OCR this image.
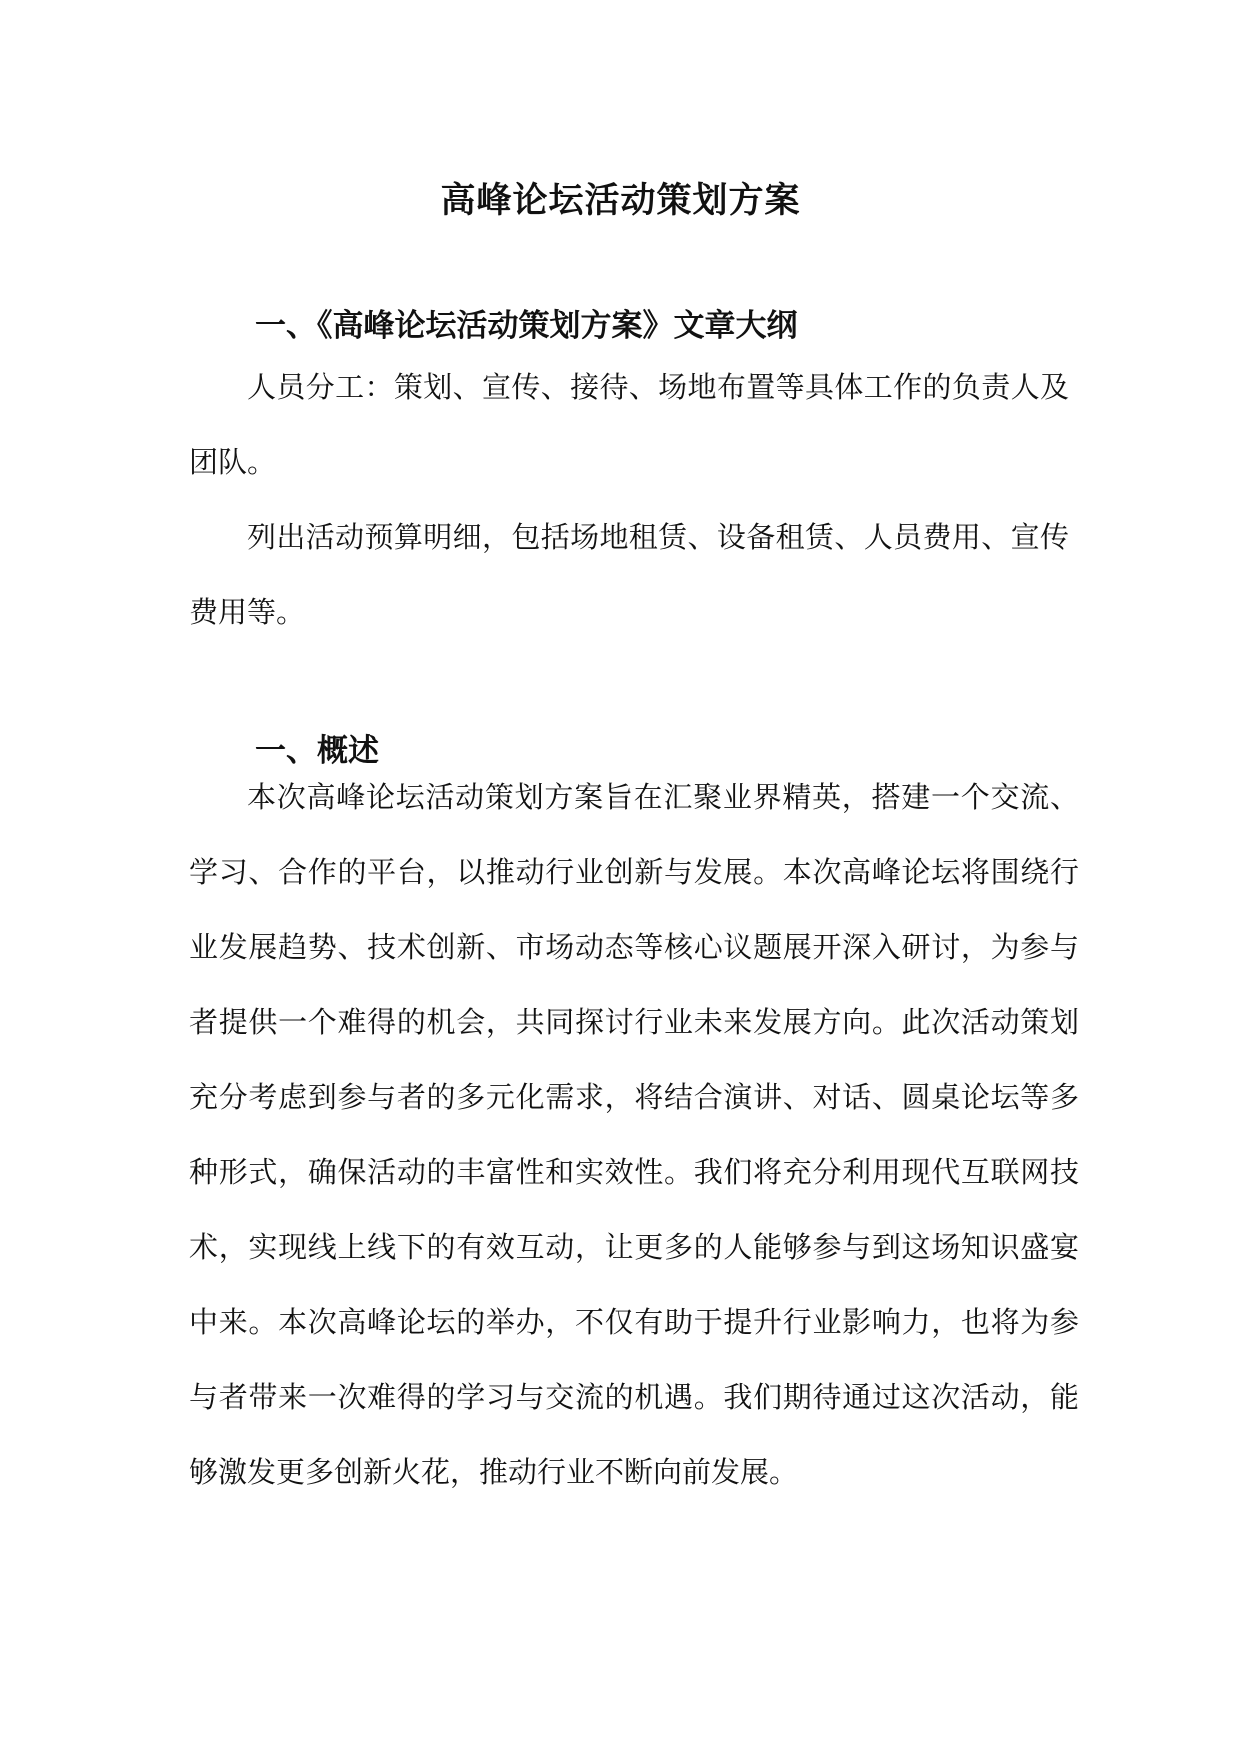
高峰论坛活动策划方案
一、《高峰论坛活动策划方案》文章大纲

人员分工：策划、宣传、接待、场地布置等具体工作的负责人及团队。

列出活动预算明细，包括场地租赁、设备租赁、人员费用、宣传费用等。

一、概述

本次高峰论坛活动策划方案旨在汇聚业界精英，搭建一个交流、学习、合作的平台，以推动行业创新与发展。本次高峰论坛将围绕行业发展趋势、技术创新、市场动态等核心议题展开深入研讨，为参与者提供一个难得的机会，共同探讨行业未来发展方向。此次活动策划充分考虑到参与者的多元化需求，将结合演讲、对话、圆桌论坛等多种形式，确保活动的丰富性和实效性。我们将充分利用现代互联网技术，实现线上线下的有效互动，让更多的人能够参与到这场知识盛宴中来。本次高峰论坛的举办，不仅有助于提升行业影响力，也将为参与者带来一次难得的学习与交流的机遇。我们期待通过这次活动，能够激发更多创新火花，推动行业不断向前发展。
